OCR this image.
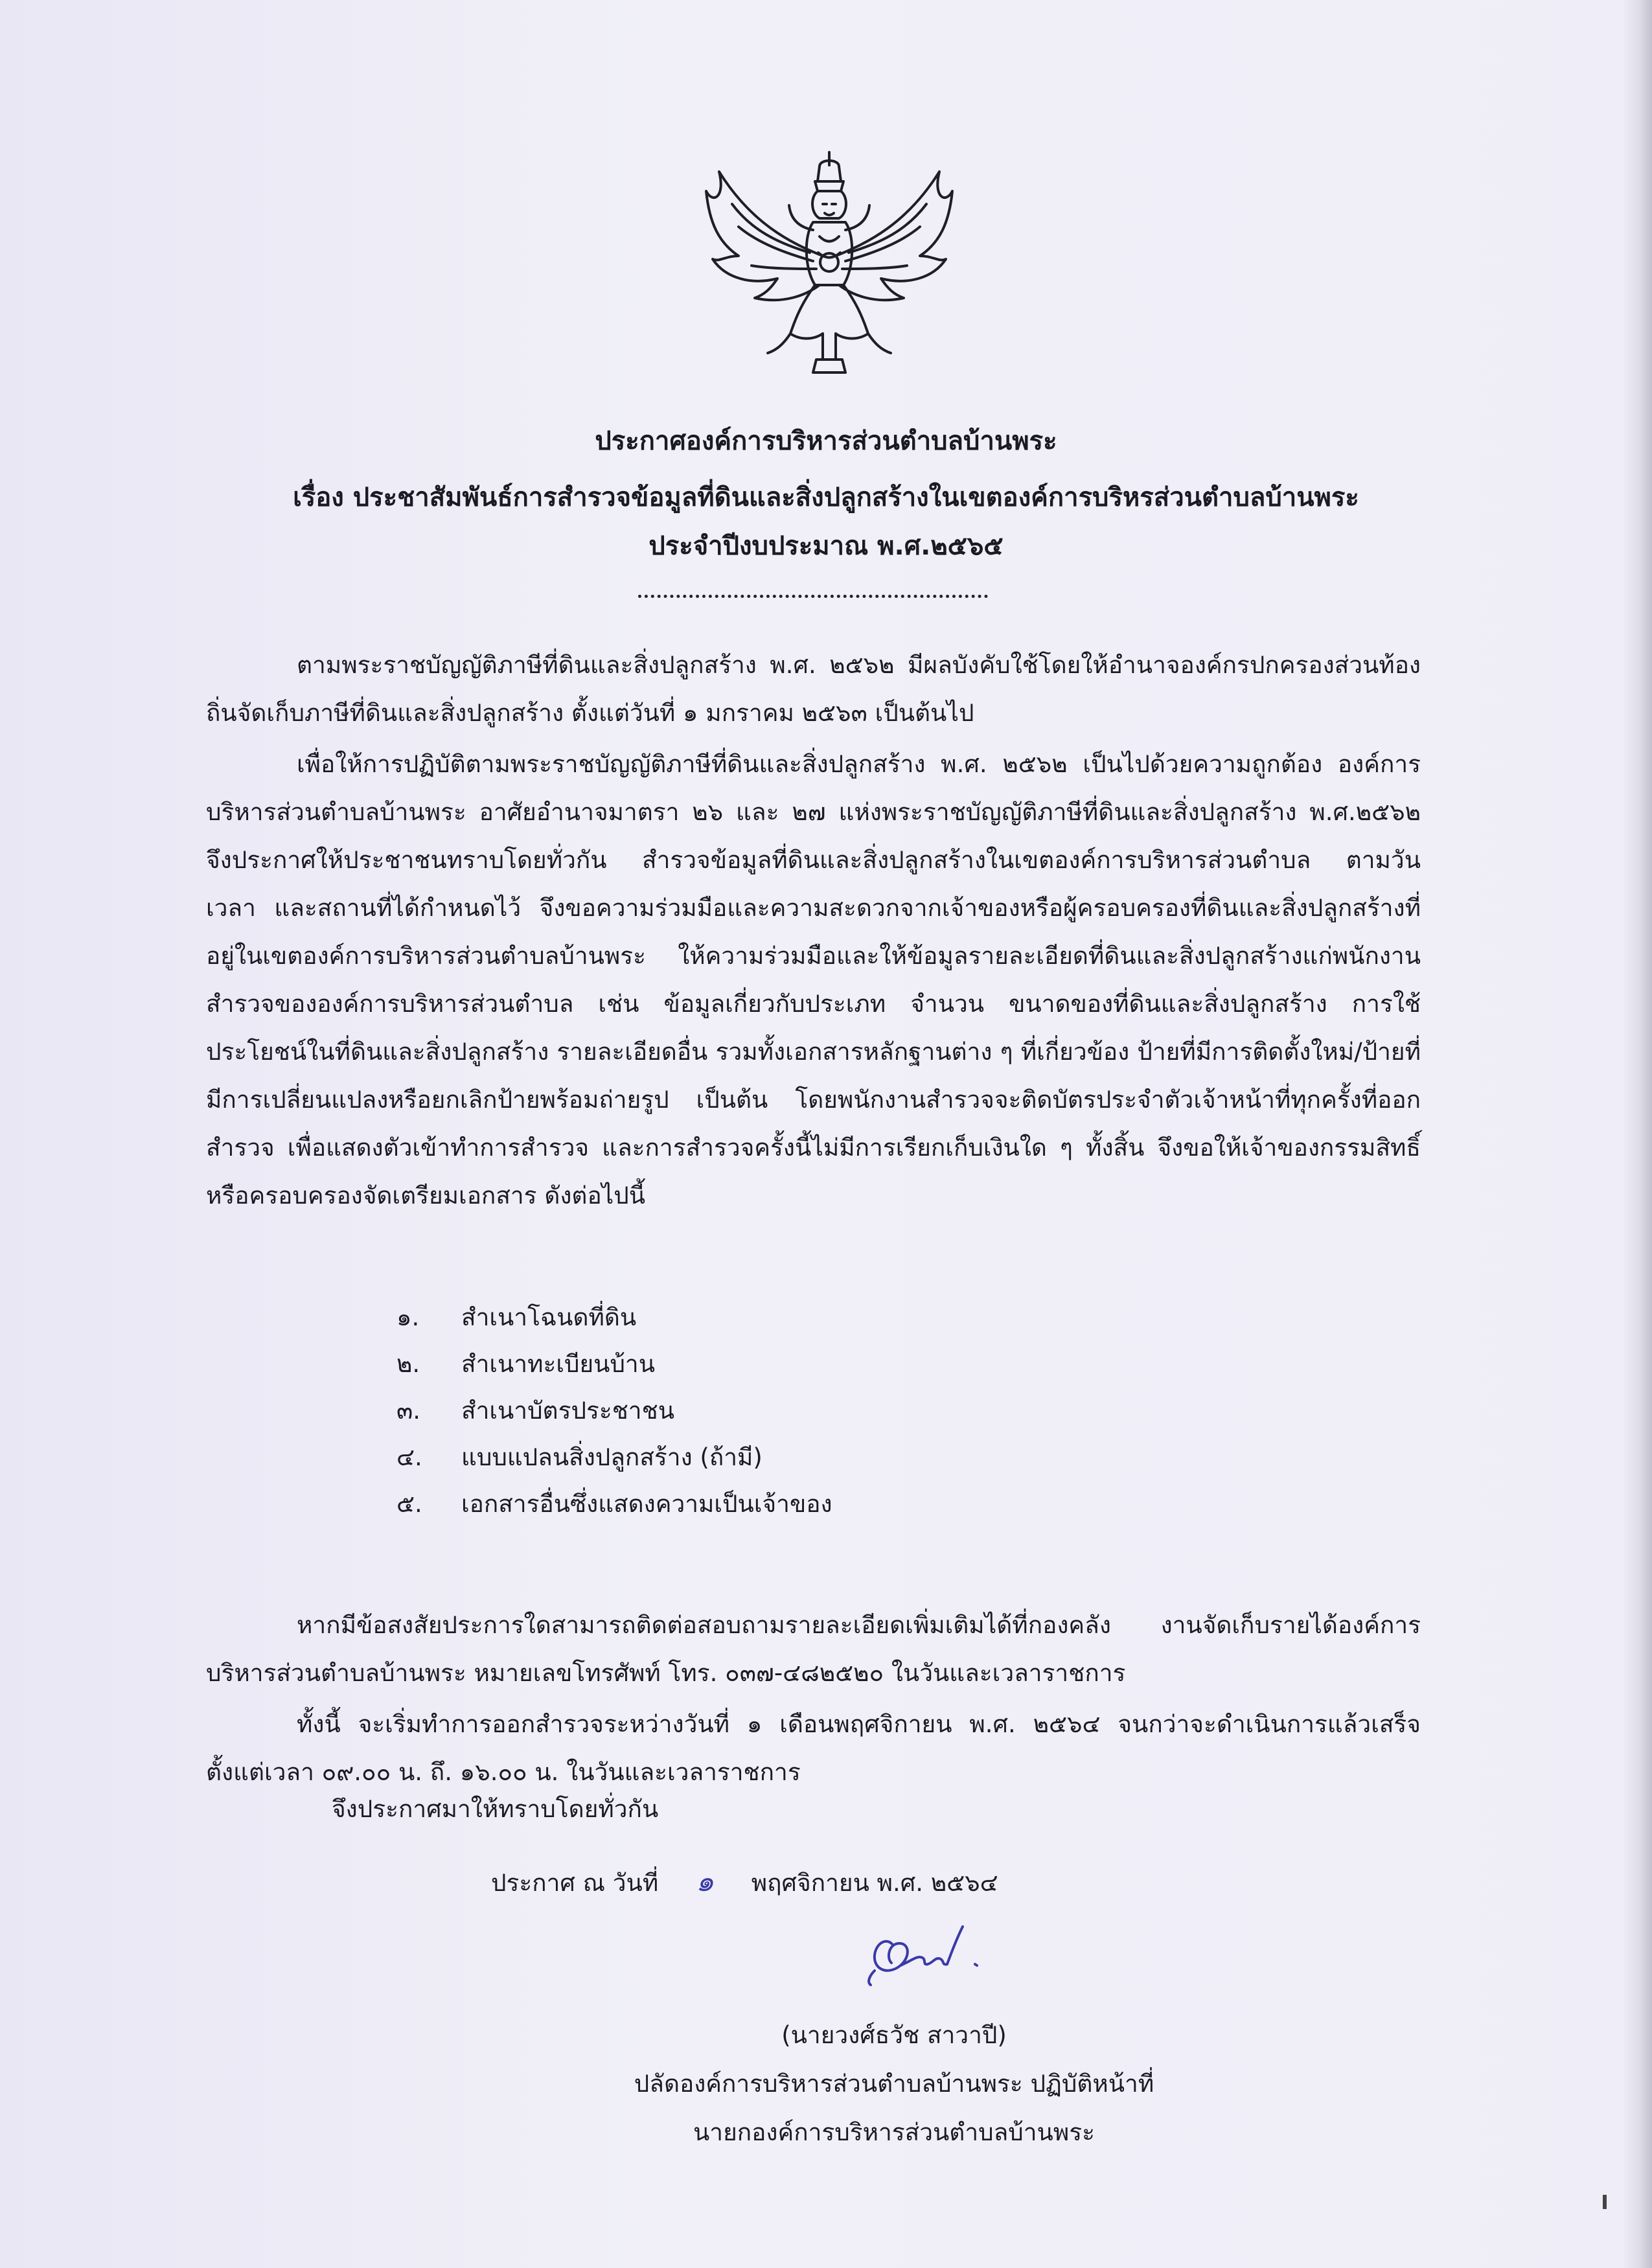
ประกาศองค์การบริหารส่วนตำบลบ้านพระ
เรื่อง ประชาสัมพันธ์การสำรวจข้อมูลที่ดินและสิ่งปลูกสร้างในเขตองค์การบริหรส่วนตำบลบ้านพระ
ประจำปีงบประมาณ พ.ศ.๒๕๖๕

ตามพระราชบัญญัติภาษีที่ดินและสิ่งปลูกสร้าง พ.ศ. ๒๕๖๒ มีผลบังคับใช้โดยให้อำนาจองค์กรปกครองส่วนท้องถิ่นจัดเก็บภาษีที่ดินและสิ่งปลูกสร้าง ตั้งแต่วันที่ ๑ มกราคม ๒๕๖๓ เป็นต้นไป

เพื่อให้การปฏิบัติตามพระราชบัญญัติภาษีที่ดินและสิ่งปลูกสร้าง พ.ศ. ๒๕๖๒ เป็นไปด้วยความถูกต้อง องค์การบริหารส่วนตำบลบ้านพระ อาศัยอำนาจมาตรา ๒๖ และ ๒๗ แห่งพระราชบัญญัติภาษีที่ดินและสิ่งปลูกสร้าง พ.ศ.๒๕๖๒ จึงประกาศให้ประชาชนทราบโดยทั่วกัน สำรวจข้อมูลที่ดินและสิ่งปลูกสร้างในเขตองค์การบริหารส่วนตำบล ตามวัน เวลา และสถานที่ได้กำหนดไว้ จึงขอความร่วมมือและความสะดวกจากเจ้าของหรือผู้ครอบครองที่ดินและสิ่งปลูกสร้างที่อยู่ในเขตองค์การบริหารส่วนตำบลบ้านพระ ให้ความร่วมมือและให้ข้อมูลรายละเอียดที่ดินและสิ่งปลูกสร้างแก่พนักงานสำรวจขององค์การบริหารส่วนตำบล เช่น ข้อมูลเกี่ยวกับประเภท จำนวน ขนาดของที่ดินและสิ่งปลูกสร้าง การใช้ประโยชน์ในที่ดินและสิ่งปลูกสร้าง รายละเอียดอื่น รวมทั้งเอกสารหลักฐานต่าง ๆ ที่เกี่ยวข้อง ป้ายที่มีการติดตั้งใหม่/ป้ายที่มีการเปลี่ยนแปลงหรือยกเลิกป้ายพร้อมถ่ายรูป เป็นต้น โดยพนักงานสำรวจจะติดบัตรประจำตัวเจ้าหน้าที่ทุกครั้งที่ออกสำรวจ เพื่อแสดงตัวเข้าทำการสำรวจ และการสำรวจครั้งนี้ไม่มีการเรียกเก็บเงินใด ๆ ทั้งสิ้น จึงขอให้เจ้าของกรรมสิทธิ์หรือครอบครองจัดเตรียมเอกสาร ดังต่อไปนี้

๑.	สำเนาโฉนดที่ดิน
๒.	สำเนาทะเบียนบ้าน
๓.	สำเนาบัตรประชาชน
๔.	แบบแปลนสิ่งปลูกสร้าง (ถ้ามี)
๕.	เอกสารอื่นซึ่งแสดงความเป็นเจ้าของ

หากมีข้อสงสัยประการใดสามารถติดต่อสอบถามรายละเอียดเพิ่มเติมได้ที่กองคลัง งานจัดเก็บรายได้องค์การบริหารส่วนตำบลบ้านพระ หมายเลขโทรศัพท์ โทร. ๐๓๗-๔๘๒๕๒๐ ในวันและเวลาราชการ

ทั้งนี้ จะเริ่มทำการออกสำรวจระหว่างวันที่ ๑ เดือนพฤศจิกายน พ.ศ. ๒๕๖๔ จนกว่าจะดำเนินการแล้วเสร็จ ตั้งแต่เวลา ๐๙.๐๐ น. ถึ. ๑๖.๐๐ น. ในวันและเวลาราชการ

จึงประกาศมาให้ทราบโดยทั่วกัน
ประกาศ ณ วันที่ ๑ พฤศจิกายน พ.ศ. ๒๕๖๔
(นายวงศ์ธวัช สาวาปี)
ปลัดองค์การบริหารส่วนตำบลบ้านพระ ปฏิบัติหน้าที่
นายกองค์การบริหารส่วนตำบลบ้านพระ
